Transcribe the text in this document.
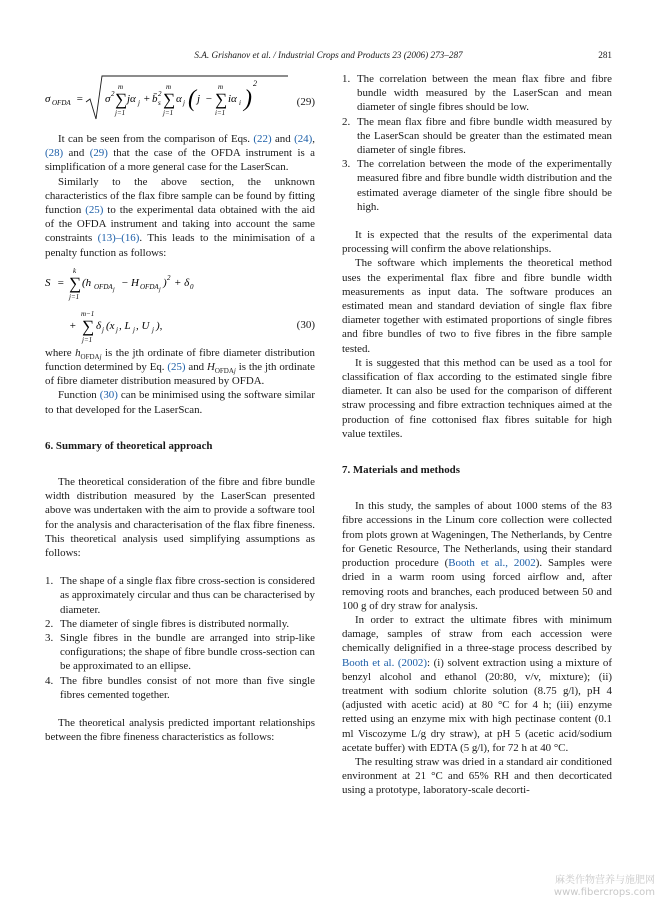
S.A. Grishanov et al. / Industrial Crops and Products 23 (2006) 273–287	281
σ OFDA = σ 2 ∑
m
j=1
jα j + b̄ 2
s ∑
m
j=1
α j ( j − ∑
m
i=1
iα i )
2
(29)

It can be seen from the comparison of Eqs. (22) and (24), (28) and (29) that the case of the OFDA instrument is a simplification of a more general case for the LaserScan.

Similarly to the above section, the unknown characteristics of the flax fibre sample can be found by fitting function (25) to the experimental data obtained with the aid of the OFDA instrument and taking into account the same constraints (13)–(16). This leads to the minimisation of a penalty function as follows:

S = ∑
k
j=1
(h OFDA j
− H OFDA j
) 2 + δ 0
+ ∑
m−1
j=1
δ j (x j , L j , U j ),	(30)

where $h_{OFDAj}$ is the jth ordinate of fibre diameter distribution function determined by Eq. (25) and $H_{OFDAj}$ is the jth ordinate of fibre diameter distribution measured by OFDA.

Function (30) can be minimised using the software similar to that developed for the LaserScan.

6. Summary of theoretical approach

The theoretical consideration of the fibre and fibre bundle width distribution measured by the LaserScan presented above was undertaken with the aim to provide a software tool for the analysis and characterisation of the flax fibre fineness. This theoretical analysis used simplifying assumptions as follows:

1. The shape of a single flax fibre cross-section is considered as approximately circular and thus can be characterised by diameter.
2. The diameter of single fibres is distributed normally.
3. Single fibres in the bundle are arranged into strip-like configurations; the shape of fibre bundle cross-section can be approximated to an ellipse.
4. The fibre bundles consist of not more than five single fibres cemented together.

The theoretical analysis predicted important relationships between the fibre fineness characteristics as follows:

1. The correlation between the mean flax fibre and fibre bundle width measured by the LaserScan and mean diameter of single fibres should be low.
2. The mean flax fibre and fibre bundle width measured by the LaserScan should be greater than the estimated mean diameter of single fibres.
3. The correlation between the mode of the experimentally measured fibre and fibre bundle width distribution and the estimated average diameter of the single fibre should be high.

It is expected that the results of the experimental data processing will confirm the above relationships.

The software which implements the theoretical method uses the experimental flax fibre and fibre bundle width measurements as input data. The software produces an estimated mean and standard deviation of single flax fibre diameter together with estimated proportions of single fibres and fibre bundles of two to five fibres in the fibre sample tested.

It is suggested that this method can be used as a tool for classification of flax according to the estimated single fibre diameter. It can also be used for the comparison of different straw processing and fibre extraction techniques aimed at the production of fine cottonised flax fibres suitable for high value textiles.

7. Materials and methods

In this study, the samples of about 1000 stems of the 83 fibre accessions in the Linum core collection were collected from plots grown at Wageningen, The Netherlands, by Centre for Genetic Resource, The Netherlands, using their standard production procedure (Booth et al., 2002). Samples were dried in a warm room using forced airflow and, after removing roots and branches, each produced between 50 and 100 g of dry straw for analysis.

In order to extract the ultimate fibres with minimum damage, samples of straw from each accession were chemically delignified in a three-stage process described by Booth et al. (2002): (i) solvent extraction using a mixture of benzyl alcohol and ethanol (20:80, v/v, mixture); (ii) treatment with sodium chlorite solution (8.75 g/l), pH 4 (adjusted with acetic acid) at 80 °C for 4 h; (iii) enzyme retted using an enzyme mix with high pectinase content (0.1 ml Viscozyme L/g dry straw), at pH 5 (acetic acid/sodium acetate buffer) with EDTA (5 g/l), for 72 h at 40 °C.

The resulting straw was dried in a standard air conditioned environment at 21 °C and 65% RH and then decorticated using a prototype, laboratory-scale decorti-

麻类作物营养与施肥网
www.fibercrops.com
